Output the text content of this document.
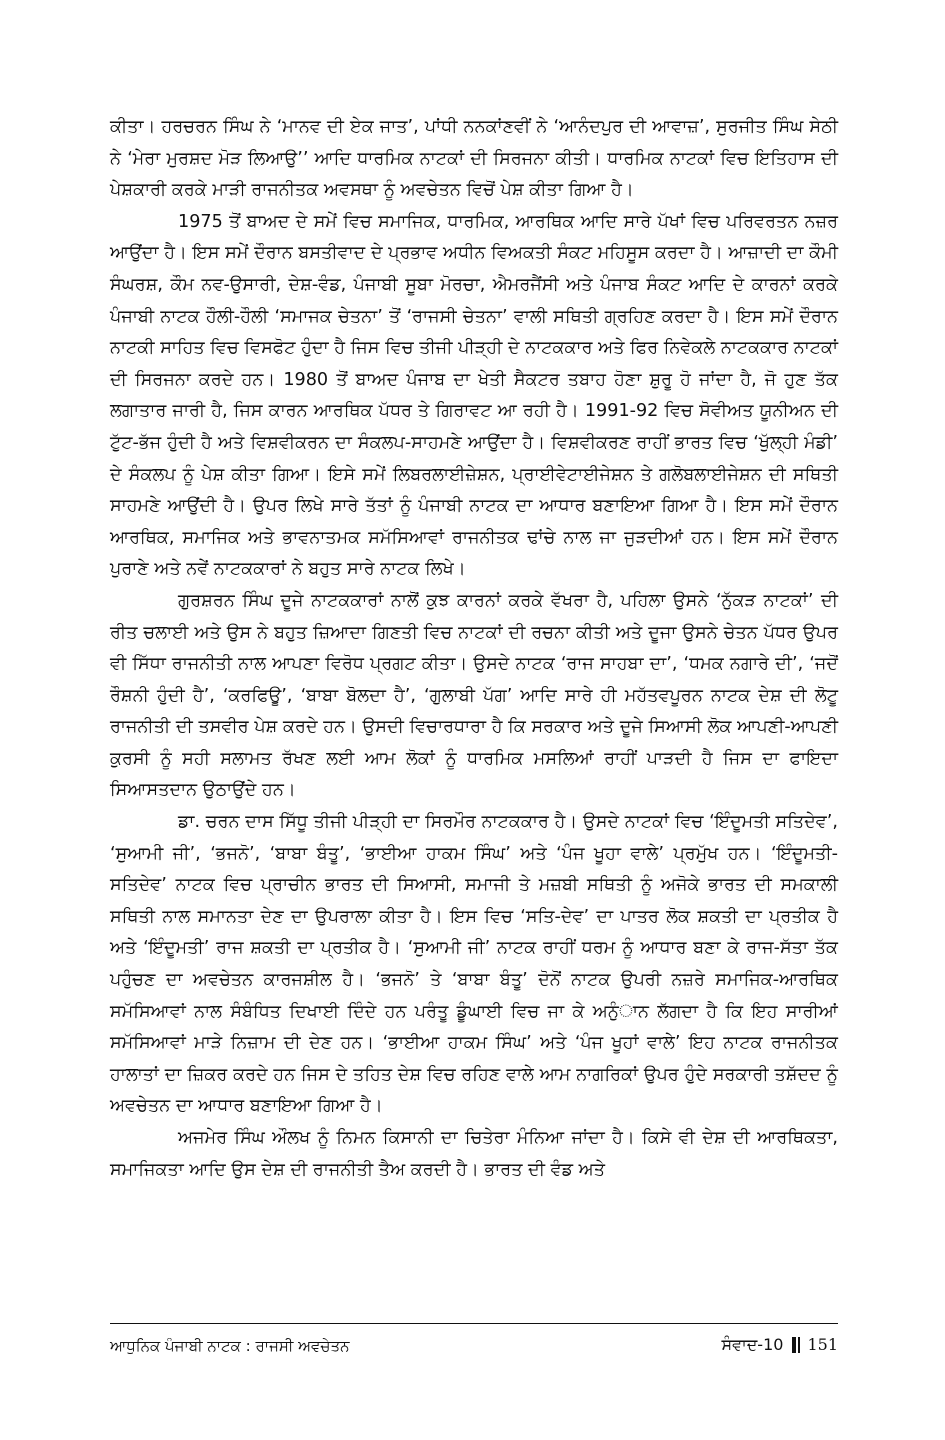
ਕੀਤਾ। ਹਰਚਰਨ ਸਿੰਘ ਨੇ ‘ਮਾਨਵ ਦੀ ਏਕ ਜਾਤ’, ਪਾਂਧੀ ਨਨਕਾਂਣਵੀਂ ਨੇ ‘ਆਨੰਦਪੁਰ ਦੀ ਆਵਾਜ਼’, ਸੁਰਜੀਤ ਸਿੰਘ ਸੇਠੀ ਨੇ ‘ਮੇਰਾ ਮੁਰਸ਼ਦ ਮੋੜ ਲਿਆਉ’’ ਆਦਿ ਧਾਰਮਿਕ ਨਾਟਕਾਂ ਦੀ ਸਿਰਜਨਾ ਕੀਤੀ। ਧਾਰਮਿਕ ਨਾਟਕਾਂ ਵਿਚ ਇਤਿਹਾਸ ਦੀ ਪੇਸ਼ਕਾਰੀ ਕਰਕੇ ਮਾੜੀ ਰਾਜਨੀਤਕ ਅਵਸਥਾ ਨੂੰ ਅਵਚੇਤਨ ਵਿਚੋਂ ਪੇਸ਼ ਕੀਤਾ ਗਿਆ ਹੈ।

1975 ਤੋਂ ਬਾਅਦ ਦੇ ਸਮੇਂ ਵਿਚ ਸਮਾਜਿਕ, ਧਾਰਮਿਕ, ਆਰਥਿਕ ਆਦਿ ਸਾਰੇ ਪੱਖਾਂ ਵਿਚ ਪਰਿਵਰਤਨ ਨਜ਼ਰ ਆਉਂਦਾ ਹੈ। ਇਸ ਸਮੇਂ ਦੌਰਾਨ ਬਸਤੀਵਾਦ ਦੇ ਪ੍ਰਭਾਵ ਅਧੀਨ ਵਿਅਕਤੀ ਸੰਕਟ ਮਹਿਸੂਸ ਕਰਦਾ ਹੈ। ਆਜ਼ਾਦੀ ਦਾ ਕੌਮੀ ਸੰਘਰਸ਼, ਕੌਮ ਨਵ-ਉਸਾਰੀ, ਦੇਸ਼-ਵੰਡ, ਪੰਜਾਬੀ ਸੂਬਾ ਮੋਰਚਾ, ਐਮਰਜੈਂਸੀ ਅਤੇ ਪੰਜਾਬ ਸੰਕਟ ਆਦਿ ਦੇ ਕਾਰਨਾਂ ਕਰਕੇ ਪੰਜਾਬੀ ਨਾਟਕ ਹੌਲੀ-ਹੌਲੀ ‘ਸਮਾਜਕ ਚੇਤਨਾ’ ਤੋਂ ‘ਰਾਜਸੀ ਚੇਤਨਾ’ ਵਾਲੀ ਸਥਿਤੀ ਗ੍ਰਹਿਣ ਕਰਦਾ ਹੈ। ਇਸ ਸਮੇਂ ਦੌਰਾਨ ਨਾਟਕੀ ਸਾਹਿਤ ਵਿਚ ਵਿਸਫੋਟ ਹੁੰਦਾ ਹੈ ਜਿਸ ਵਿਚ ਤੀਜੀ ਪੀੜ੍ਹੀ ਦੇ ਨਾਟਕਕਾਰ ਅਤੇ ਫਿਰ ਨਿਵੇਕਲੇ ਨਾਟਕਕਾਰ ਨਾਟਕਾਂ ਦੀ ਸਿਰਜਨਾ ਕਰਦੇ ਹਨ। 1980 ਤੋਂ ਬਾਅਦ ਪੰਜਾਬ ਦਾ ਖੇਤੀ ਸੈਕਟਰ ਤਬਾਹ ਹੋਣਾ ਸ਼ੁਰੂ ਹੋ ਜਾਂਦਾ ਹੈ, ਜੋ ਹੁਣ ਤੱਕ ਲਗਾਤਾਰ ਜਾਰੀ ਹੈ, ਜਿਸ ਕਾਰਨ ਆਰਥਿਕ ਪੱਧਰ ਤੇ ਗਿਰਾਵਟ ਆ ਰਹੀ ਹੈ। 1991-92 ਵਿਚ ਸੋਵੀਅਤ ਯੂਨੀਅਨ ਦੀ ਟੁੱਟ-ਭੱਜ ਹੁੰਦੀ ਹੈ ਅਤੇ ਵਿਸ਼ਵੀਕਰਨ ਦਾ ਸੰਕਲਪ-ਸਾਹਮਣੇ ਆਉਂਦਾ ਹੈ। ਵਿਸ਼ਵੀਕਰਣ ਰਾਹੀਂ ਭਾਰਤ ਵਿਚ ‘ਖੁੱਲ੍ਹੀ ਮੰਡੀ’ ਦੇ ਸੰਕਲਪ ਨੂੰ ਪੇਸ਼ ਕੀਤਾ ਗਿਆ। ਇਸੇ ਸਮੇਂ ਲਿਬਰਲਾਈਜ਼ੇਸ਼ਨ, ਪ੍ਰਾਈਵੇਟਾਈਜੇਸ਼ਨ ਤੇ ਗਲੋਬਲਾਈਜੇਸ਼ਨ ਦੀ ਸਥਿਤੀ ਸਾਹਮਣੇ ਆਉਂਦੀ ਹੈ। ਉਪਰ ਲਿਖੇ ਸਾਰੇ ਤੱਤਾਂ ਨੂੰ ਪੰਜਾਬੀ ਨਾਟਕ ਦਾ ਆਧਾਰ ਬਣਾਇਆ ਗਿਆ ਹੈ। ਇਸ ਸਮੇਂ ਦੌਰਾਨ ਆਰਥਿਕ, ਸਮਾਜਿਕ ਅਤੇ ਭਾਵਨਾਤਮਕ ਸਮੱਸਿਆਵਾਂ ਰਾਜਨੀਤਕ ਢਾਂਚੇ ਨਾਲ ਜਾ ਜੁੜਦੀਆਂ ਹਨ। ਇਸ ਸਮੇਂ ਦੌਰਾਨ ਪੁਰਾਣੇ ਅਤੇ ਨਵੇਂ ਨਾਟਕਕਾਰਾਂ ਨੇ ਬਹੁਤ ਸਾਰੇ ਨਾਟਕ ਲਿਖੇ।

ਗੁਰਸ਼ਰਨ ਸਿੰਘ ਦੂਜੇ ਨਾਟਕਕਾਰਾਂ ਨਾਲੋਂ ਕੁਝ ਕਾਰਨਾਂ ਕਰਕੇ ਵੱਖਰਾ ਹੈ, ਪਹਿਲਾ ਉਸਨੇ ‘ਨੁੱਕੜ ਨਾਟਕਾਂ’ ਦੀ ਰੀਤ ਚਲਾਈ ਅਤੇ ਉਸ ਨੇ ਬਹੁਤ ਜ਼ਿਆਦਾ ਗਿਣਤੀ ਵਿਚ ਨਾਟਕਾਂ ਦੀ ਰਚਨਾ ਕੀਤੀ ਅਤੇ ਦੂਜਾ ਉਸਨੇ ਚੇਤਨ ਪੱਧਰ ਉਪਰ ਵੀ ਸਿੱਧਾ ਰਾਜਨੀਤੀ ਨਾਲ ਆਪਣਾ ਵਿਰੋਧ ਪ੍ਰਗਟ ਕੀਤਾ। ਉਸਦੇ ਨਾਟਕ ‘ਰਾਜ ਸਾਹਬਾ ਦਾ’, ‘ਧਮਕ ਨਗਾਰੇ ਦੀ’, ‘ਜਦੋਂ ਰੌਸ਼ਨੀ ਹੁੰਦੀ ਹੈ’, ‘ਕਰਫਿਊ’, ‘ਬਾਬਾ ਬੋਲਦਾ ਹੈ’, ‘ਗੁਲਾਬੀ ਪੱਗ’ ਆਦਿ ਸਾਰੇ ਹੀ ਮਹੱਤਵਪੂਰਨ ਨਾਟਕ ਦੇਸ਼ ਦੀ ਲੋਟੂ ਰਾਜਨੀਤੀ ਦੀ ਤਸਵੀਰ ਪੇਸ਼ ਕਰਦੇ ਹਨ। ਉਸਦੀ ਵਿਚਾਰਧਾਰਾ ਹੈ ਕਿ ਸਰਕਾਰ ਅਤੇ ਦੂਜੇ ਸਿਆਸੀ ਲੋਕ ਆਪਣੀ-ਆਪਣੀ ਕੁਰਸੀ ਨੂੰ ਸਹੀ ਸਲਾਮਤ ਰੱਖਣ ਲਈ ਆਮ ਲੋਕਾਂ ਨੂੰ ਧਾਰਮਿਕ ਮਸਲਿਆਂ ਰਾਹੀਂ ਪਾੜਦੀ ਹੈ ਜਿਸ ਦਾ ਫਾਇਦਾ ਸਿਆਸਤਦਾਨ ਉਠਾਉਂਦੇ ਹਨ।

ਡਾ. ਚਰਨ ਦਾਸ ਸਿੱਧੂ ਤੀਜੀ ਪੀੜ੍ਹੀ ਦਾ ਸਿਰਮੌਰ ਨਾਟਕਕਾਰ ਹੈ। ਉਸਦੇ ਨਾਟਕਾਂ ਵਿਚ ‘ਇੰਦੂਮਤੀ ਸਤਿਦੇਵ’, ‘ਸੁਆਮੀ ਜੀ’, ‘ਭਜਨੋ’, ‘ਬਾਬਾ ਬੰਤੂ’, ‘ਭਾਈਆ ਹਾਕਮ ਸਿੰਘ’ ਅਤੇ ‘ਪੰਜ ਖੂਹਾ ਵਾਲੇ’ ਪ੍ਰਮੁੱਖ ਹਨ। ‘ਇੰਦੂਮਤੀ-ਸਤਿਦੇਵ’ ਨਾਟਕ ਵਿਚ ਪ੍ਰਾਚੀਨ ਭਾਰਤ ਦੀ ਸਿਆਸੀ, ਸਮਾਜੀ ਤੇ ਮਜ਼ਬੀ ਸਥਿਤੀ ਨੂੰ ਅਜੋਕੇ ਭਾਰਤ ਦੀ ਸਮਕਾਲੀ ਸਥਿਤੀ ਨਾਲ ਸਮਾਨਤਾ ਦੇਣ ਦਾ ਉਪਰਾਲਾ ਕੀਤਾ ਹੈ। ਇਸ ਵਿਚ ‘ਸਤਿ-ਦੇਵ’ ਦਾ ਪਾਤਰ ਲੋਕ ਸ਼ਕਤੀ ਦਾ ਪ੍ਰਤੀਕ ਹੈ ਅਤੇ ‘ਇੰਦੂਮਤੀ’ ਰਾਜ ਸ਼ਕਤੀ ਦਾ ਪ੍ਰਤੀਕ ਹੈ। ‘ਸੁਆਮੀ ਜੀ’ ਨਾਟਕ ਰਾਹੀਂ ਧਰਮ ਨੂੰ ਆਧਾਰ ਬਣਾ ਕੇ ਰਾਜ-ਸੱਤਾ ਤੱਕ ਪਹੁੰਚਣ ਦਾ ਅਵਚੇਤਨ ਕਾਰਜਸ਼ੀਲ ਹੈ। ‘ਭਜਨੋ’ ਤੇ ‘ਬਾਬਾ ਬੰਤੂ’ ਦੋਨੋਂ ਨਾਟਕ ਉਪਰੀ ਨਜ਼ਰੇ ਸਮਾਜਿਕ-ਆਰਥਿਕ ਸਮੱਸਿਆਵਾਂ ਨਾਲ ਸੰਬੰਧਿਤ ਦਿਖਾਈ ਦਿੰਦੇ ਹਨ ਪਰੰਤੂ ਡੂੰਘਾਈ ਵਿਚ ਜਾ ਕੇ ਅਨੁੰਾਨ ਲੱਗਦਾ ਹੈ ਕਿ ਇਹ ਸਾਰੀਆਂ ਸਮੱਸਿਆਵਾਂ ਮਾੜੇ ਨਿਜ਼ਾਮ ਦੀ ਦੇਣ ਹਨ। ‘ਭਾਈਆ ਹਾਕਮ ਸਿੰਘ’ ਅਤੇ ‘ਪੰਜ ਖੂਹਾਂ ਵਾਲੇ’ ਇਹ ਨਾਟਕ ਰਾਜਨੀਤਕ ਹਾਲਾਤਾਂ ਦਾ ਜ਼ਿਕਰ ਕਰਦੇ ਹਨ ਜਿਸ ਦੇ ਤਹਿਤ ਦੇਸ਼ ਵਿਚ ਰਹਿਣ ਵਾਲੇ ਆਮ ਨਾਗਰਿਕਾਂ ਉਪਰ ਹੁੰਦੇ ਸਰਕਾਰੀ ਤਸ਼ੱਦਦ ਨੂੰ ਅਵਚੇਤਨ ਦਾ ਆਧਾਰ ਬਣਾਇਆ ਗਿਆ ਹੈ।

ਅਜਮੇਰ ਸਿੰਘ ਔਲਖ ਨੂੰ ਨਿਮਨ ਕਿਸਾਨੀ ਦਾ ਚਿਤੇਰਾ ਮੰਨਿਆ ਜਾਂਦਾ ਹੈ। ਕਿਸੇ ਵੀ ਦੇਸ਼ ਦੀ ਆਰਥਿਕਤਾ, ਸਮਾਜਿਕਤਾ ਆਦਿ ਉਸ ਦੇਸ਼ ਦੀ ਰਾਜਨੀਤੀ ਤੈਅ ਕਰਦੀ ਹੈ। ਭਾਰਤ ਦੀ ਵੰਡ ਅਤੇ

ਆਧੁਨਿਕ ਪੰਜਾਬੀ ਨਾਟਕ : ਰਾਜਸੀ ਅਵਚੇਤਨ	ਸੰਵਾਦ-10 151
